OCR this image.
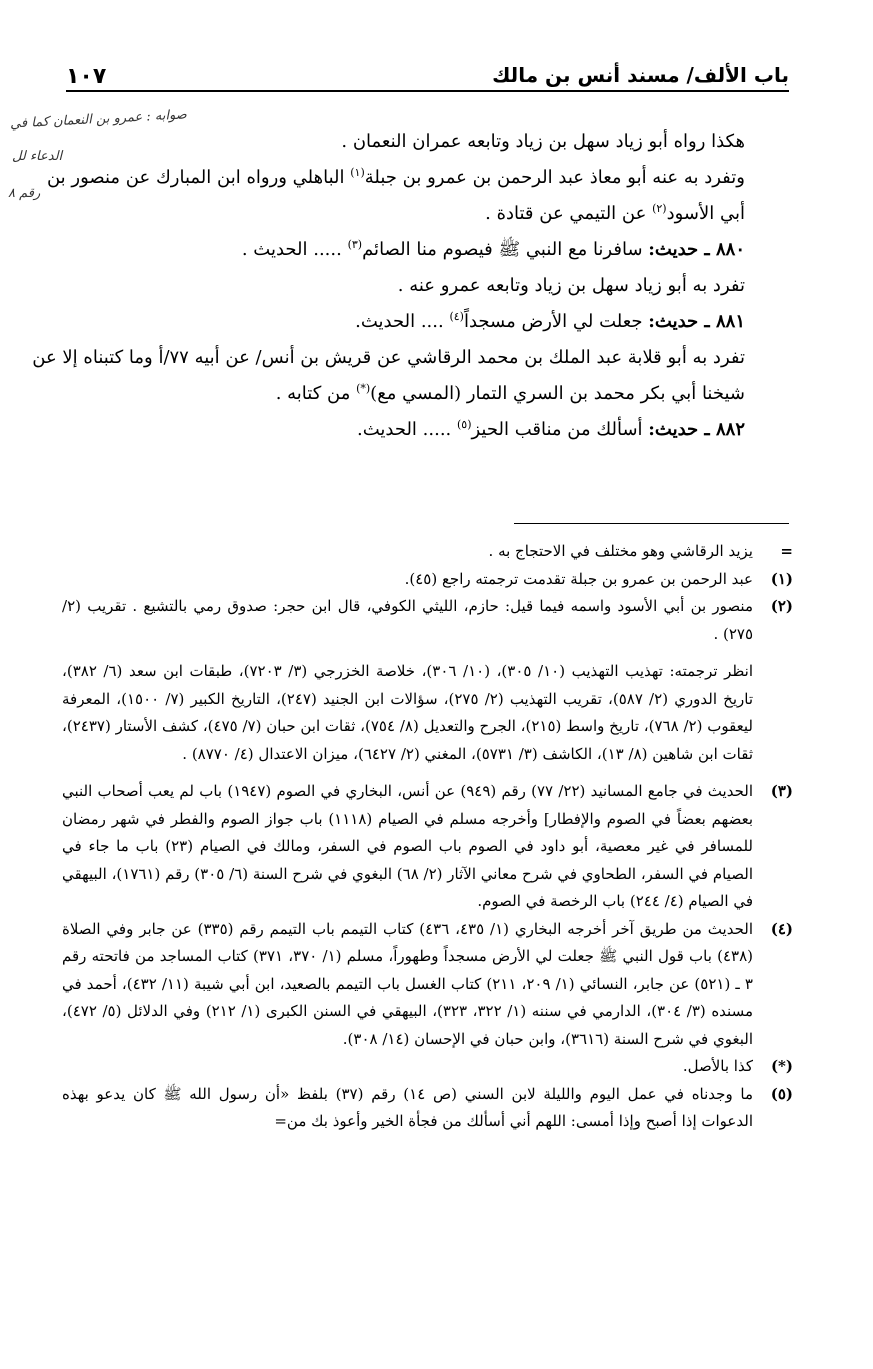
باب الألف/ مسند أنس بن مالك
١٠٧
صوابه : عمرو بن النعمان كما في
الدعاء لل
رقم ٨

هكذا رواه أبو زياد سهل بن زياد وتابعه عمران النعمان .

وتفرد به عنه أبو معاذ عبد الرحمن بن عمرو بن جبلة$^{(١)}$ الباهلي ورواه ابن المبارك عن منصور بن أبي الأسود$^{(٢)}$ عن التيمي عن قتادة .

٨٨٠ ـ حديث: سافرنا مع النبي ﷺ فيصوم منا الصائم$^{(٣)}$ ..... الحديث .

تفرد به أبو زياد سهل بن زياد وتابعه عمرو عنه .

٨٨١ ـ حديث: جعلت لي الأرض مسجداً$^{(٤)}$ .... الحديث.

تفرد به أبو قلابة عبد الملك بن محمد الرقاشي عن قريش بن أنس/ عن أبيه ٧٧/أ وما كتبناه إلا عن شيخنا أبي بكر محمد بن السري التمار (المسي مع)(*) من كتابه .

٨٨٢ ـ حديث: أسألك من مناقب الحيز$^{(٥)}$ ..... الحديث.

=

يزيد الرقاشي وهو مختلف في الاحتجاج به .

(١)

عبد الرحمن بن عمرو بن جبلة تقدمت ترجمته راجع (٤٥).

(٢)

منصور بن أبي الأسود واسمه فيما قيل: حازم، الليثي الكوفي، قال ابن حجر: صدوق رمي بالتشيع . تقريب (٢/ ٢٧٥) .

انظر ترجمته: تهذيب التهذيب (١٠/ ٣٠٥)، (١٠/ ٣٠٦)، خلاصة الخزرجي (٣/ ٧٢٠٣)، طبقات ابن سعد (٦/ ٣٨٢)، تاريخ الدوري (٢/ ٥٨٧)، تقريب التهذيب (٢/ ٢٧٥)، سؤالات ابن الجنيد (٢٤٧)، التاريخ الكبير (٧/ ١٥٠٠)، المعرفة ليعقوب (٢/ ٧٦٨)، تاريخ واسط (٢١٥)، الجرح والتعديل (٨/ ٧٥٤)، ثقات ابن حبان (٧/ ٤٧٥)، كشف الأستار (٢٤٣٧)، ثقات ابن شاهين (٨/ ١٣)، الكاشف (٣/ ٥٧٣١)، المغني (٢/ ٦٤٢٧)، ميزان الاعتدال (٤/ ٨٧٧٠) .

(٣)

الحديث في جامع المسانيد (٢٢/ ٧٧) رقم (٩٤٩) عن أنس، البخاري في الصوم (١٩٤٧) باب لم يعب أصحاب النبي بعضهم بعضاً في الصوم والإفطار] وأخرجه مسلم في الصيام (١١١٨) باب جواز الصوم والفطر في شهر رمضان للمسافر في غير معصية، أبو داود في الصوم باب الصوم في السفر، ومالك في الصيام (٢٣) باب ما جاء في الصيام في السفر، الطحاوي في شرح معاني الآثار (٢/ ٦٨) البغوي في شرح السنة (٦/ ٣٠٥) رقم (١٧٦١)، البيهقي في الصيام (٤/ ٢٤٤) باب الرخصة في الصوم.

(٤)

الحديث من طريق آخر أخرجه البخاري (١/ ٤٣٥، ٤٣٦) كتاب التيمم باب التيمم رقم (٣٣٥) عن جابر وفي الصلاة (٤٣٨) باب قول النبي ﷺ جعلت لي الأرض مسجداً وطهوراً، مسلم (١/ ٣٧٠، ٣٧١) كتاب المساجد من فاتحته رقم ٣ ـ (٥٢١) عن جابر، النسائي (١/ ٢٠٩، ٢١١) كتاب الغسل باب التيمم بالصعيد، ابن أبي شيبة (١١/ ٤٣٢)، أحمد في مسنده (٣/ ٣٠٤)، الدارمي في سننه (١/ ٣٢٢، ٣٢٣)، البيهقي في السنن الكبرى (١/ ٢١٢) وفي الدلائل (٥/ ٤٧٢)، البغوي في شرح السنة (٣٦١٦)، وابن حبان في الإحسان (١٤/ ٣٠٨).

(*)

كذا بالأصل.

(٥)

ما وجدناه في عمل اليوم والليلة لابن السني (ص ١٤) رقم (٣٧) بلفظ «أن رسول الله ﷺ كان يدعو بهذه الدعوات إذا أصبح وإذا أمسى: اللهم أني أسألك من فجأة الخير وأعوذ بك من=
